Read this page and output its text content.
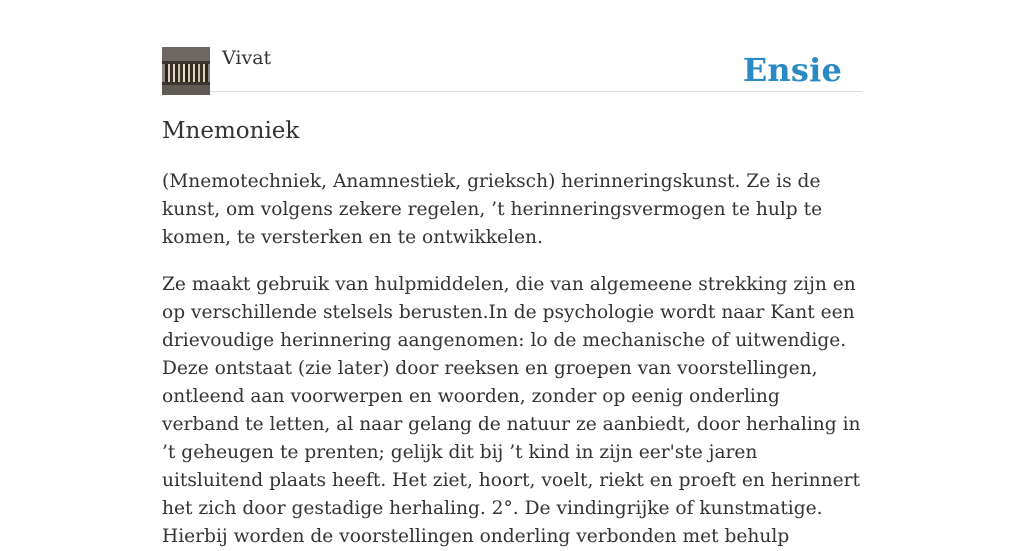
Vivat	Ensie
Mnemoniek

(Mnemotechniek, Anamnestiek, grieksch) herinneringskunst. Ze is de kunst, om volgens zekere regelen, ’t herinneringsvermogen te hulp te komen, te versterken en te ontwikkelen.

Ze maakt gebruik van hulpmiddelen, die van algemeene strekking zijn en op verschillende stelsels berusten.In de psychologie wordt naar Kant een drievoudige herinnering aangenomen: lo de mechanische of uitwendige. Deze ontstaat (zie later) door reeksen en groepen van voorstellingen, ontleend aan voorwerpen en woorden, zonder op eenig onderling verband te letten, al naar gelang de natuur ze aanbiedt, door herhaling in ’t geheugen te prenten; gelijk dit bij ’t kind in zijn eer'ste jaren uitsluitend plaats heeft. Het ziet, hoort, voelt, riekt en proeft en herinnert het zich door gestadige herhaling. 2°. De vindingrijke of kunstmatige. Hierbij worden de voorstellingen onderling verbonden met behulp
